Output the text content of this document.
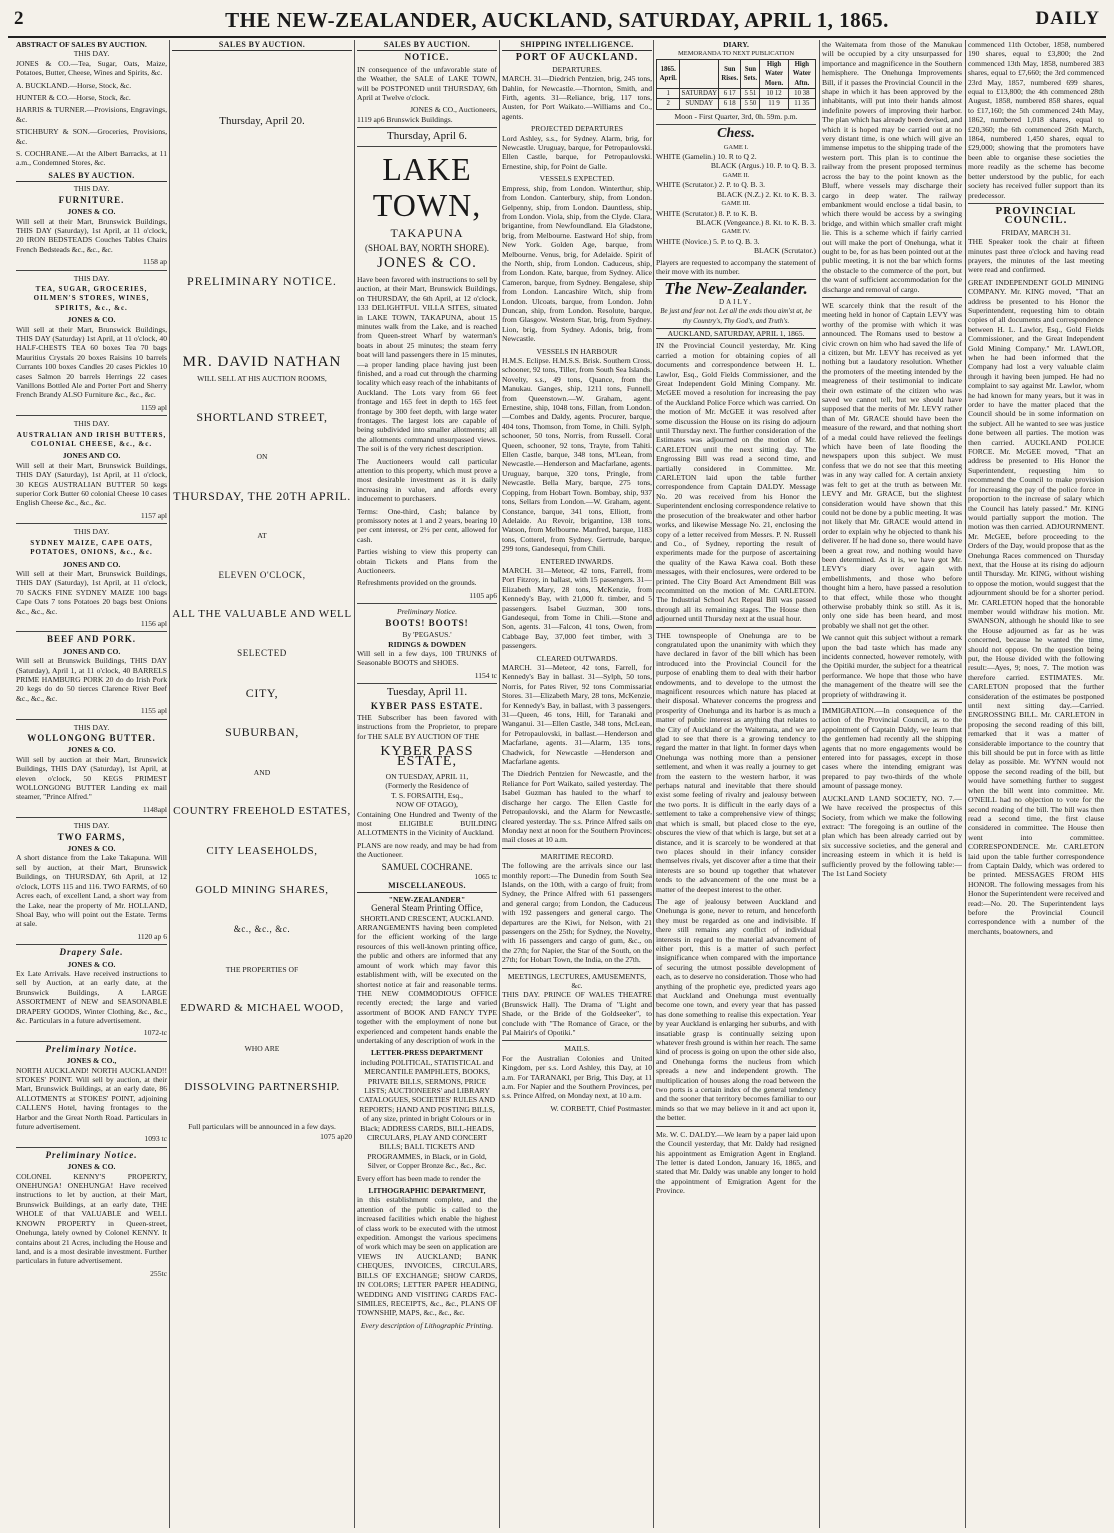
2	THE NEW-ZEALANDER, AUCKLAND, SATURDAY, APRIL 1, 1865.	DAILY
ABSTRACT OF SALES BY AUCTION.
THIS DAY.

JONES & CO.—Tea, Sugar, Oats, Maize, Potatoes, Butter, Cheese, Wines and Spirits, &c.

A. BUCKLAND.—Horse, Stock, &c.

HUNTER & CO.—Horse, Stock, &c.

HARRIS & TURNER.—Provisions, Engravings, &c.

STICHBURY & SON.—Groceries, Provisions, &c.

S. COCHRANE.—At the Albert Barracks, at 11 a.m., Condemned Stores, &c.

SALES BY AUCTION.
THIS DAY.
FURNITURE.
JONES & CO.

Will sell at their Mart, Brunswick Buildings, THIS DAY (Saturday), 1st April, at 11 o'clock, 20 IRON BEDSTEADS Couches Tables Chairs French Bedsteads &c., &c., &c.

1158 ap
THIS DAY.
TEA, SUGAR, GROCERIES, OILMEN'S STORES, WINES, SPIRITS, &c., &c.
JONES & CO.

Will sell at their Mart, Brunswick Buildings, THIS DAY (Saturday) 1st April, at 11 o'clock, 40 HALF-CHESTS TEA 60 boxes Tea 70 bags Mauritius Crystals 20 boxes Raisins 10 barrels Currants 100 boxes Candles 20 cases Pickles 10 cases Salmon 20 barrels Herrings 22 cases Vanillons Bottled Ale and Porter Port and Sherry French Brandy ALSO Furniture &c., &c., &c.

1159 apl
THIS DAY.
AUSTRALIAN AND IRISH BUTTERS, COLONIAL CHEESE, &c., &c.
JONES AND CO.

Will sell at their Mart, Brunswick Buildings, THIS DAY (Saturday), 1st April, at 11 o'clock, 30 KEGS AUSTRALIAN BUTTER 50 kegs superior Cork Butter 60 colonial Cheese 10 cases English Cheese &c., &c., &c.

1157 apl
THIS DAY.
SYDNEY MAIZE, CAPE OATS, POTATOES, ONIONS, &c., &c.
JONES AND CO.

Will sell at their Mart, Brunswick Buildings, THIS DAY (Saturday), 1st April, at 11 o'clock, 70 SACKS FINE SYDNEY MAIZE 100 bags Cape Oats 7 tons Potatoes 20 bags best Onions &c., &c., &c.

1156 apl
BEEF AND PORK.
JONES AND CO.

Will sell at Brunswick Buildings, THIS DAY (Saturday), April 1, at 11 o'clock, 40 BARRELS PRIME HAMBURG PORK 20 do do Irish Pork 20 kegs do do 50 tierces Clarence River Beef &c., &c., &c.

1155 apl
THIS DAY.
WOLLONGONG BUTTER.
JONES & CO.

Will sell by auction at their Mart, Brunswick Buildings, THIS DAY (Saturday), 1st April, at eleven o'clock, 50 KEGS PRIMEST WOLLONGONG BUTTER Landing ex mail steamer, "Prince Alfred."

1148apl
THIS DAY.
TWO FARMS,
JONES & CO.

A short distance from the Lake Takapuna. Will sell by auction, at their Mart, Brunswick Buildings, on THURSDAY, 6th April, at 12 o'clock, LOTS 115 and 116. TWO FARMS, of 60 Acres each, of excellent Land, a short way from the Lake, near the property of Mr. HOLLAND, Shoal Bay, who will point out the Estate. Terms at sale.

1120 ap 6
Drapery Sale.
JONES & CO.

Ex Late Arrivals. Have received instructions to sell by Auction, at an early date, at the Brunswick Buildings, A LARGE ASSORTMENT of NEW and SEASONABLE DRAPERY GOODS, Winter Clothing, &c., &c., &c. Particulars in a future advertisement.

1072-tc
Preliminary Notice.
JONES & CO.,

NORTH AUCKLAND! NORTH AUCKLAND!! STOKES' POINT. Will sell by auction, at their Mart, Brunswick Buildings, at an early date, 86 ALLOTMENTS at STOKES' POINT, adjoining CALLEN'S Hotel, having frontages to the Harbor and the Great North Road. Particulars in future advertisement.

1093 tc
Preliminary Notice.
JONES & CO.

COLONEL KENNY'S PROPERTY, ONEHUNGA! ONEHUNGA! Have received instructions to let by auction, at their Mart, Brunswick Buildings, at an early date, THE WHOLE of that VALUABLE and WELL KNOWN PROPERTY in Queen-street, Onehunga, lately owned by Colonel KENNY. It contains about 21 Acres, including the House and land, and is a most desirable investment. Further particulars in future advertisement.

255tc
SALES BY AUCTION.
Thursday, April 20.
PRELIMINARY NOTICE.
MR. DAVID NATHAN
WILL SELL AT HIS AUCTION ROOMS,
SHORTLAND STREET,
ON
THURSDAY, THE 20TH APRIL.
AT
ELEVEN O'CLOCK,
ALL THE VALUABLE AND WELL
SELECTED
CITY,
SUBURBAN,
AND
COUNTRY FREEHOLD ESTATES,
CITY LEASEHOLDS,
GOLD MINING SHARES,
&c., &c., &c.
THE PROPERTIES OF
EDWARD & MICHAEL WOOD,
WHO ARE
DISSOLVING PARTNERSHIP.
Full particulars will be announced in a few days.
1075 ap20
SALES BY AUCTION.
NOTICE.

IN consequence of the unfavorable state of the Weather, the SALE of LAKE TOWN, will be POSTPONED until THURSDAY, 6th April at Twelve o'clock.

JONES & CO., Auctioneers,
1119 ap6 Brunswick Buildings.
Thursday, April 6.
LAKE TOWN,
TAKAPUNA
(SHOAL BAY, NORTH SHORE).
JONES & CO.

Have been favored with instructions to sell by auction, at their Mart, Brunswick Buildings, on THURSDAY, the 6th April, at 12 o'clock, 133 DELIGHTFUL VILLA SITES, situated in LAKE TOWN, TAKAPUNA, about 15 minutes walk from the Lake, and is reached from Queen-street Wharf by waterman's boats in about 25 minutes; the steam ferry boat will land passengers there in 15 minutes,—a proper landing place having just been finished, and a road cut through the charming locality which easy reach of the inhabitants of Auckland. The Lots vary from 66 feet frontage and 165 feet in depth to 165 feet frontage by 300 feet depth, with large water frontages. The largest lots are capable of being subdivided into smaller allotments; all the allotments command unsurpassed views. The soil is of the very richest description.

The Auctioneers would call particular attention to this property, which must prove a most desirable investment as it is daily increasing in value, and affords every inducement to purchasers.

Terms: One-third, Cash; balance by promissory notes at 1 and 2 years, bearing 10 per cent interest, or 2½ per cent, allowed for cash.

Parties wishing to view this property can obtain Tickets and Plans from the Auctioneers.

Refreshments provided on the grounds.

1105 ap6
Preliminary Notice.
BOOTS! BOOTS!
By 'PEGASUS.'
RIDINGS & DOWDEN

Will sell in a few days, 100 TRUNKS of Seasonable BOOTS and SHOES.

1154 tc
Tuesday, April 11.
KYBER PASS ESTATE.

THE Subscriber has been favored with instructions from the Proprietor, to prepare for THE SALE BY AUCTION OF THE

KYBER PASS ESTATE,
ON TUESDAY, APRIL 11,
(Formerly the Residence of
T. S. FORSAITH, Esq.,
NOW OF OTAGO),

Containing One Hundred and Twenty of the most ELIGIBLE BUILDING ALLOTMENTS in the Vicinity of Auckland.

PLANS are now ready, and may be had from the Auctioneer.

SAMUEL COCHRANE.
1065 tc
MISCELLANEOUS.
"NEW-ZEALANDER"
General Steam Printing Office,
SHORTLAND CRESCENT, AUCKLAND.

ARRANGEMENTS having been completed for the efficient working of the large resources of this well-known printing office, the public and others are informed that any amount of work which may favor this establishment with, will be executed on the shortest notice at fair and reasonable terms. THE NEW COMMODIOUS OFFICE recently erected; the large and varied assortment of BOOK AND FANCY TYPE together with the employment of none but experienced and competent hands enable the undertaking of any description of work in the

LETTER-PRESS DEPARTMENT

including POLITICAL, STATISTICAL and MERCANTILE PAMPHLETS, BOOKS, PRIVATE BILLS, SERMONS, PRICE LISTS; AUCTIONEERS' and LIBRARY CATALOGUES, SOCIETIES' RULES AND REPORTS; HAND AND POSTING BILLS, of any size, printed in bright Colours or in Black; ADDRESS CARDS, BILL-HEADS, CIRCULARS, PLAY AND CONCERT BILLS; BALL TICKETS AND PROGRAMMES, in Black, or in Gold, Silver, or Copper Bronze &c., &c., &c.

Every effort has been made to render the

LITHOGRAPHIC DEPARTMENT,

in this establishment complete, and the attention of the public is called to the increased facilities which enable the highest of class work to be executed with the utmost expedition. Amongst the various specimens of work which may be seen on application are VIEWS IN AUCKLAND; BANK CHEQUES, INVOICES, CIRCULARS, BILLS OF EXCHANGE; SHOW CARDS, IN COLORS; LETTER PAPER HEADING, WEDDING AND VISITING CARDS FAC-SIMILES, RECEIPTS, &c., &c., PLANS OF TOWNSHIP, MAPS, &c., &c., &c.

Every description of Lithographic Printing.
SHIPPING INTELLIGENCE.
PORT OF AUCKLAND.
DEPARTURES.

MARCH. 31—Diedrich Pentzien, brig, 245 tons, Dahlin, for Newcastle.—Thornton, Smith, and Firth, agents. 31—Reliance, brig, 117 tons, Austen, for Port Waikato.—Williams and Co., agents.

PROJECTED DEPARTURES

Lord Ashley, s.s., for Sydney. Alarm, brig, for Newcastle. Uruguay, barque, for Petropaulovski. Ellen Castle, barque, for Petropaulovski. Ernestine, ship, for Point de Galle.

VESSELS EXPECTED.

Empress, ship, from London. Winterthur, ship, from London. Canterbury, ship, from London. Gelpenny, ship, from London. Dauntless, ship, from London. Viola, ship, from the Clyde. Clara, brigantine, from Newfoundland. Ela Gladstone, brig, from Melbourne. Eastward Ho! ship, from New York. Golden Age, barque, from Melbourne. Venus, brig, for Adelaide. Spirit of the North, ship, from London. Caduceus, ship, from London. Kate, barque, from Sydney. Alice Cameron, barque, from Sydney. Bengalese, ship from London. Lancashire Witch, ship from London. Ulcoats, barque, from London. John Duncan, ship, from London. Resolute, barque, from Glasgow. Western Star, brig, from Sydney. Lion, brig, from Sydney. Adonis, brig, from Newcastle.

VESSELS IN HARBOUR

H.M.S. Eclipse. H.M.S.S. Brisk. Southern Cross, schooner, 92 tons, Tiller, from South Sea Islands. Novelty, s.s., 49 tons, Quance, from the Manukau. Ganges, ship, 1211 tons, Funnell, from Queenstown.—W. Graham, agent. Ernestine, ship, 1048 tons, Fillan, from London.—Combes and Daldy, agents. Procurer, barque, 404 tons, Thomson, from Tome, in Chili. Sylph, schooner, 50 tons, Norris, from Russell. Coral Queen, schooner, 92 tons, Trayte, from Tahiti. Ellen Castle, barque, 348 tons, M'Lean, from Newcastle.—Henderson and Macfarlane, agents. Uruguay, barque, 320 tons, Pringle, from Newcastle. Bella Mary, barque, 275 tons, Copping, from Hobart Town. Bombay, ship, 937 tons, Sellars from London.—W. Graham, agent. Constance, barque, 341 tons, Elliott, from Adelaide. Au Revoir, brigantine, 138 tons, Watson, from Melbourne. Manfred, barque, 1183 tons, Cotterel, from Sydney. Gertrude, barque, 299 tons, Gandesequi, from Chili.

ENTERED INWARDS.

MARCH. 31—Meteor, 42 tons, Farrell, from Port Fitzroy, in ballast, with 15 passengers. 31—Elizabeth Mary, 28 tons, McKenzie, from Kennedy's Bay, with 21,000 ft. timber, and 5 passengers. Isabel Guzman, 300 tons, Gandesequi, from Tome in Chili.—Stone and Son, agents. 31—Falcon, 41 tons, Owen, from Cabbage Bay, 37,000 feet timber, with 3 passengers.

CLEARED OUTWARDS.

MARCH. 31—Meteor, 42 tons, Farrell, for Kennedy's Bay in ballast. 31—Sylph, 50 tons, Norris, for Pates River, 92 tons Commissariat Stores. 31—Elizabeth Mary, 28 tons, McKenzie, for Kennedy's Bay, in ballast, with 3 passengers. 31—Queen, 46 tons, Hill, for Taranaki and Wanganui. 31—Ellen Castle, 348 tons, McLean, for Petropaulovski, in ballast.—Henderson and Macfarlane, agents. 31—Alarm, 135 tons, Chadwick, for Newcastle —Henderson and Macfarlane agents.

The Diedrich Pentzien for Newcastle, and the Reliance for Port Waikato, sailed yesterday. The Isabel Guzman has hauled to the wharf to discharge her cargo. The Ellen Castle for Petropaulovski, and the Alarm for Newcastle, cleared yesterday. The s.s. Prince Alfred sails on Monday next at noon for the Southern Provinces; mail closes at 10 a.m.

MARITIME RECORD.

The following are the arrivals since our last monthly report:—The Dunedin from South Sea Islands, on the 10th, with a cargo of fruit; from Sydney, the Prince Alfred with 61 passengers and general cargo; from London, the Caduceus with 192 passengers and general cargo. The departures are the Kiwi, for Nelson, with 21 passengers on the 25th; for Sydney, the Novelty, with 16 passengers and cargo of gum, &c., on the 27th; for Napier, the Star of the South, on the 27th; for Hobart Town, the India, on the 27th.

MEETINGS, LECTURES, AMUSEMENTS, &c.

THIS DAY. PRINCE OF WALES THEATRE (Brunswick Hall). The Drama of "Light and Shade, or the Bride of the Goldseeker", to conclude with "The Romance of Grace, or the Pal Mairir's of Opotiki."

MAILS.

For the Australian Colonies and United Kingdom, per s.s. Lord Ashley, this Day, at 10 a.m. For TARANAKI, per Brig, This Day, at 11 a.m. For Napier and the Southern Provinces, per s.s. Prince Alfred, on Monday next, at 10 a.m.

W. CORBETT, Chief Postmaster.
DIARY.
MEMORANDA TO NEXT PUBLICATION
1865. April.		Sun Rises.	Sun Sets.	High Water Morn.	High Water Aftn.
1	SATURDAY	6 17	5 51	10 12	10 38
2	SUNDAY	6 18	5 50	11 9	11 35
Moon - First Quarter, 3rd, 0h. 59m. p.m.
Chess.
GAME I.
WHITE (Gamelin.) 10. R to Q 2.
BLACK (Argus.) 10. P. to Q. B. 3.
GAME II.
WHITE (Scrutator.) 2. P. to Q. B. 3.
BLACK (N.Z.) 2. Kt. to K. B. 3.
GAME III.
WHITE (Scrutator.) 8. P. to K. B.
BLACK (Vengeance.) 8. Kt. to K. B. 3.
GAME IV.
WHITE (Novice.) 5. P. to Q. B. 3.
BLACK (Scrutator.)

Players are requested to accompany the statement of their move with its number.

The New-Zealander.
DAILY.
Be just and fear not. Let all the ends thou aim'st at, be thy Country's, Thy God's, and Truth's.
AUCKLAND, SATURDAY, APRIL 1, 1865.

IN the Provincial Council yesterday, Mr. King carried a motion for obtaining copies of all documents and correspondence between H. L. Lawlor, Esq., Gold Fields Commissioner, and the Great Independent Gold Mining Company. Mr. McGEE moved a resolution for increasing the pay of the Auckland Police Force which was carried. On the motion of Mr. McGEE it was resolved after some discussion the House on its rising do adjourn until Thursday next. The further consideration of the Estimates was adjourned on the motion of Mr. CARLETON until the next sitting day. The Engrossing Bill was read a second time, and partially considered in Committee. Mr. CARLETON laid upon the table further correspondence from Captain DALDY. Message No. 20 was received from his Honor the Superintendent enclosing correspondence relative to the prosecution of the breakwater and other harbor works, and likewise Message No. 21, enclosing the copy of a letter received from Messrs. P. N. Russell and Co., of Sydney, reporting the result of experiments made for the purpose of ascertaining the quality of the Kawa Kawa coal. Both these messages, with their enclosures, were ordered to be printed. The City Board Act Amendment Bill was recommitted on the motion of Mr. CARLETON. The Industrial School Act Repeal Bill was passed through all its remaining stages. The House then adjourned until Thursday next at the usual hour.

THE townspeople of Onehunga are to be congratulated upon the unanimity with which they have declared in favor of the bill which has been introduced into the Provincial Council for the purpose of enabling them to deal with their harbor endowments, and to develope to the utmost the magnificent resources which nature has placed at their disposal. Whatever concerns the progress and prosperity of Onehunga and its harbor is as much a matter of public interest as anything that relates to the City of Auckland or the Waitemata, and we are glad to see that there is a growing tendency to regard the matter in that light. In former days when Onehunga was nothing more than a pensioner settlement, and when it was really a journey to get from the eastern to the western harbor, it was perhaps natural and inevitable that there should exist some feeling of rivalry and jealousy between the two ports. It is difficult in the early days of a settlement to take a comprehensive view of things; that which is small, but placed close to the eye, obscures the view of that which is large, but set at a distance, and it is scarcely to be wondered at that two places should in their infancy consider themselves rivals, yet discover after a time that their interests are so bound up together that whatever tends to the advancement of the one must be a matter of the deepest interest to the other.

The age of jealousy between Auckland and Onehunga is gone, never to return, and henceforth they must be regarded as one and indivisible. If there still remains any conflict of individual interests in regard to the material advancement of either port, this is a matter of such perfect insignificance when compared with the importance of securing the utmost possible development of each, as to deserve no consideration. Those who had anything of the prophetic eye, predicted years ago that Auckland and Onehunga must eventually become one town, and every year that has passed has done something to realise this expectation. Year by year Auckland is enlarging her suburbs, and with insatiable grasp is continually seizing upon whatever fresh ground is within her reach. The same kind of process is going on upon the other side also, and Onehunga forms the nucleus from which spreads a new and independent growth. The multiplication of houses along the road between the two ports is a certain index of the general tendency and the sooner that territory becomes familiar to our minds so that we may believe in it and act upon it, the better.

Mr. W. C. DALDY.—We learn by a paper laid upon the Council yesterday, that Mr. Daldy had resigned his appointment as Emigration Agent in England. The letter is dated London, January 16, 1865, and stated that Mr. Daldy was unable any longer to hold the appointment of Emigration Agent for the Province.

the Waitemata from those of the Manukau will be occupied by a city unsurpassed for importance and magnificence in the Southern hemisphere. The Onehunga Improvements Bill, if it passes the Provincial Council in the shape in which it has been approved by the inhabitants, will put into their hands almost indefinite powers of improving their harbor. The plan which has already been devised, and which it is hoped may be carried out at no very distant time, is one which will give an immense impetus to the shipping trade of the western port. This plan is to continue the railway from the present proposed terminus across the bay to the point known as the Bluff, where vessels may discharge their cargo in deep water. The railway embankment would enclose a tidal basin, to which there would be access by a swinging bridge, and within which smaller craft might lie. This is a scheme which if fairly carried out will make the port of Onehunga, what it ought to be, for as has been pointed out at the public meeting, it is not the bar which forms the obstacle to the commerce of the port, but the want of sufficient accommodation for the discharge and removal of cargo.

WE scarcely think that the result of the meeting held in honor of Captain LEVY was worthy of the promise with which it was announced. The Romans used to bestow a civic crown on him who had saved the life of a citizen, but Mr. LEVY has received as yet nothing but a laudatory resolution. Whether the promoters of the meeting intended by the meagreness of their testimonial to indicate their own estimate of the citizen who was saved we cannot tell, but we should have supposed that the merits of Mr. LEVY rather than of Mr. GRACE should have been the measure of the reward, and that nothing short of a medal could have relieved the feelings which have been of late flooding the newspapers upon this subject. We must confess that we do not see that this meeting was in any way called for. A certain anxiety was felt to get at the truth as between Mr. LEVY and Mr. GRACE, but the slightest consideration would have shown that this could not be done by a public meeting. It was not likely that Mr. GRACE would attend in order to explain why he objected to thank his deliverer. If he had done so, there would have been a great row, and nothing would have been determined. As it is, we have got Mr. LEVY's diary over again with embellishments, and those who before thought him a hero, have passed a resolution to that effect, while those who thought otherwise probably think so still. As it is, only one side has been heard, and most probably we shall not get the other.

We cannot quit this subject without a remark upon the bad taste which has made any incidents connected, however remotely, with the Opitiki murder, the subject for a theatrical performance. We hope that those who have the management of the theatre will see the propriety of withdrawing it.

IMMIGRATION.—In consequence of the action of the Provincial Council, as to the appointment of Captain Daldy, we learn that the gentlemen had recently all the shipping agents that no more engagements would be entered into for passages, except in those cases where the intending emigrant was prepared to pay two-thirds of the whole amount of passage money.

AUCKLAND LAND SOCIETY, NO. 7.—We have received the prospectus of this Society, from which we make the following extract: 'The foregoing is an outline of the plan which has been already carried out by six successive societies, and the general and increasing esteem in which it is held is sufficiently proved by the following table:—The 1st Land Society

commenced 11th October, 1858, numbered 190 shares, equal to £3,800; the 2nd commenced 13th May, 1858, numbered 383 shares, equal to £7,660; the 3rd commenced 23rd May, 1857, numbered 699 shares, equal to £13,800; the 4th commenced 28th August, 1858, numbered 858 shares, equal to £17,160; the 5th commenced 24th May, 1862, numbered 1,018 shares, equal to £20,360; the 6th commenced 26th March, 1864, numbered 1,450 shares, equal to £29,000; showing that the promoters have been able to organise these societies the more readily as the scheme has become better understood by the public, for each society has received fuller support than its predecessor.

PROVINCIAL COUNCIL.
FRIDAY, MARCH 31.

THE Speaker took the chair at fifteen minutes past three o'clock and having read prayers, the minutes of the last meeting were read and confirmed.

GREAT INDEPENDENT GOLD MINING COMPANY. Mr. KING moved, "That an address be presented to his Honor the Superintendent, requesting him to obtain copies of all documents and correspondence between H. L. Lawlor, Esq., Gold Fields Commissioner, and the Great Independent Gold Mining Company." Mr. LAWLOR, when he had been informed that the Company had lost a very valuable claim through it having been jumped. He had no complaint to say against Mr. Lawlor, whom he had known for many years, but it was in order to have the matter placed that the Council should be in some information on the subject. All he wanted to see was justice done between all parties. The motion was then carried. AUCKLAND POLICE FORCE. Mr. McGEE moved, "That an address be presented to His Honor the Superintendent, requesting him to recommend the Council to make provision for increasing the pay of the police force in proportion to the increase of salary which the Council has lately passed." Mr. KING would partially support the motion. The motion was then carried. ADJOURNMENT. Mr. McGEE, before proceeding to the Orders of the Day, would propose that as the Onehunga Races commenced on Thursday next, that the House at its rising do adjourn until Thursday. Mr. KING, without wishing to oppose the motion, would suggest that the adjournment should be for a shorter period. Mr. CARLETON hoped that the honorable member would withdraw his motion. Mr. SWANSON, although he should like to see the House adjourned as far as he was concerned, because he wanted the time, should not oppose. On the question being put, the House divided with the following result:—Ayes, 9; noes, 7. The motion was therefore carried. ESTIMATES. Mr. CARLETON proposed that the further consideration of the estimates be postponed until next sitting day.—Carried. ENGROSSING BILL. Mr. CARLETON in proposing the second reading of this bill, remarked that it was a matter of considerable importance to the country that this bill should be put in force with as little delay as possible. Mr. WYNN would not oppose the second reading of the bill, but would have something further to suggest when the bill went into committee. Mr. O'NEILL had no objection to vote for the second reading of the bill. The bill was then read a second time, the first clause considered in committee. The House then went into committee. CORRESPONDENCE. Mr. CARLETON laid upon the table further correspondence from Captain Daldy, which was ordered to be printed. MESSAGES FROM HIS HONOR. The following messages from his Honor the Superintendent were received and read:—No. 20. The Superintendent lays before the Provincial Council correspondence with a number of the merchants, boatowners, and
